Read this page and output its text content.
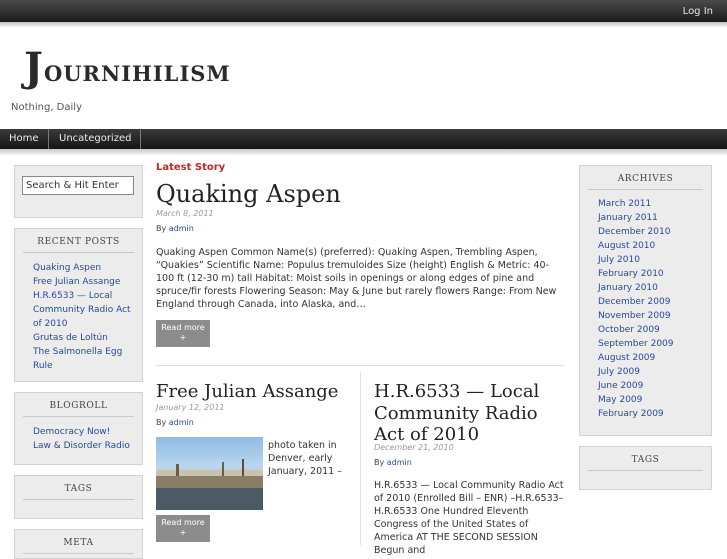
Log In
Journihilism
Nothing, Daily
Home	Uncategorized
Search & Hit Enter
RECENT POSTS
Quaking Aspen
Free Julian Assange
H.R.6533 — Local Community Radio Act of 2010
Grutas de Loltún
The Salmonella Egg Rule
BLOGROLL
Democracy Now!
Law & Disorder Radio
TAGS
META
Latest Story
Quaking Aspen
March 8, 2011
By admin
Quaking Aspen Common Name(s) (preferred): Quaking Aspen, Trembling Aspen, “Quakies” Scientific Name: Populus tremuloides Size (height) English & Metric: 40-100 ft (12-30 m) tall Habitat: Moist soils in openings or along edges of pine and spruce/fir forests Flowering Season: May & June but rarely flowers Range: From New England through Canada, into Alaska, and…
Read more
+
Free Julian Assange
January 12, 2011
By admin
photo taken in Denver, early January, 2011 –
Read more
+
H.R.6533 — Local Community Radio Act of 2010
December 21, 2010
By admin
H.R.6533 — Local Community Radio Act of 2010 (Enrolled Bill – ENR) –H.R.6533– H.R.6533 One Hundred Eleventh Congress of the United States of America AT THE SECOND SESSION Begun and
ARCHIVES
March 2011
January 2011
December 2010
August 2010
July 2010
February 2010
January 2010
December 2009
November 2009
October 2009
September 2009
August 2009
July 2009
June 2009
May 2009
February 2009
TAGS
